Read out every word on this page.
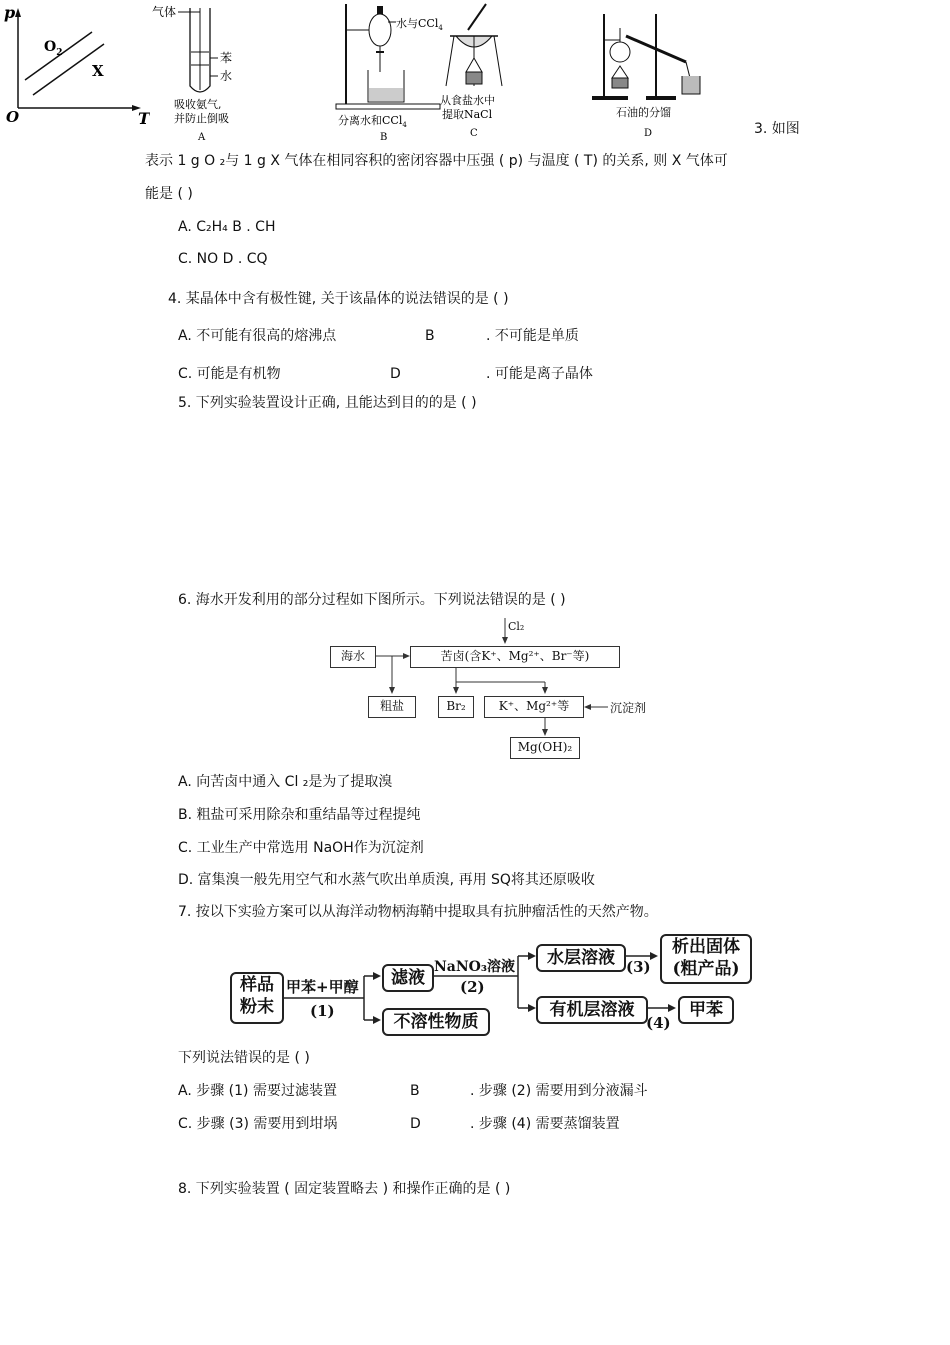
p
T
O
$O_2$
X
气体
苯
水
吸收氨气,
并防止倒吸
A
水与CCl$_4$
分离水和CCl$_4$
B
从食盐水中
提取NaCl
C
石油的分馏
D	3. 如图
表示 1 g O ₂与 1 g X 气体在相同容积的密闭容器中压强 ( p) 与温度 ( T) 的关系, 则 X 气体可
能是 ( )
A. C₂H₄ B . CH
C. NO D . CQ
4. 某晶体中含有极性键, 关于该晶体的说法错误的是 ( )
A. 不可能有很高的熔沸点	B	. 不可能是单质
C. 可能是有机物	D	. 可能是离子晶体
5. 下列实验装置设计正确, 且能达到目的的是 ( )
6. 海水开发利用的部分过程如下图所示。下列说法错误的是 ( )
Cl₂
海水	苦卤(含K⁺、Mg²⁺、Br⁻等)
粗盐	Br₂	K⁺、Mg²⁺等	沉淀剂
Mg(OH)₂
A. 向苦卤中通入 Cl ₂是为了提取溴
B. 粗盐可采用除杂和重结晶等过程提纯
C. 工业生产中常选用 NaOH作为沉淀剂
D. 富集溴一般先用空气和水蒸气吹出单质溴, 再用 SQ将其还原吸收
7. 按以下实验方案可以从海洋动物柄海鞘中提取具有抗肿瘤活性的天然产物。
样品
粉末
甲苯+甲醇
(1)
滤液
不溶性物质
NaNO₃溶液
(2)
水层溶液 (3)
析出固体
(粗产品)
有机层溶液
(4)
甲苯
下列说法错误的是 ( )
A. 步骤 (1) 需要过滤装置	B	. 步骤 (2) 需要用到分液漏斗
C. 步骤 (3) 需要用到坩埚	D	. 步骤 (4) 需要蒸馏装置
8. 下列实验装置 ( 固定装置略去 ) 和操作正确的是 ( )
